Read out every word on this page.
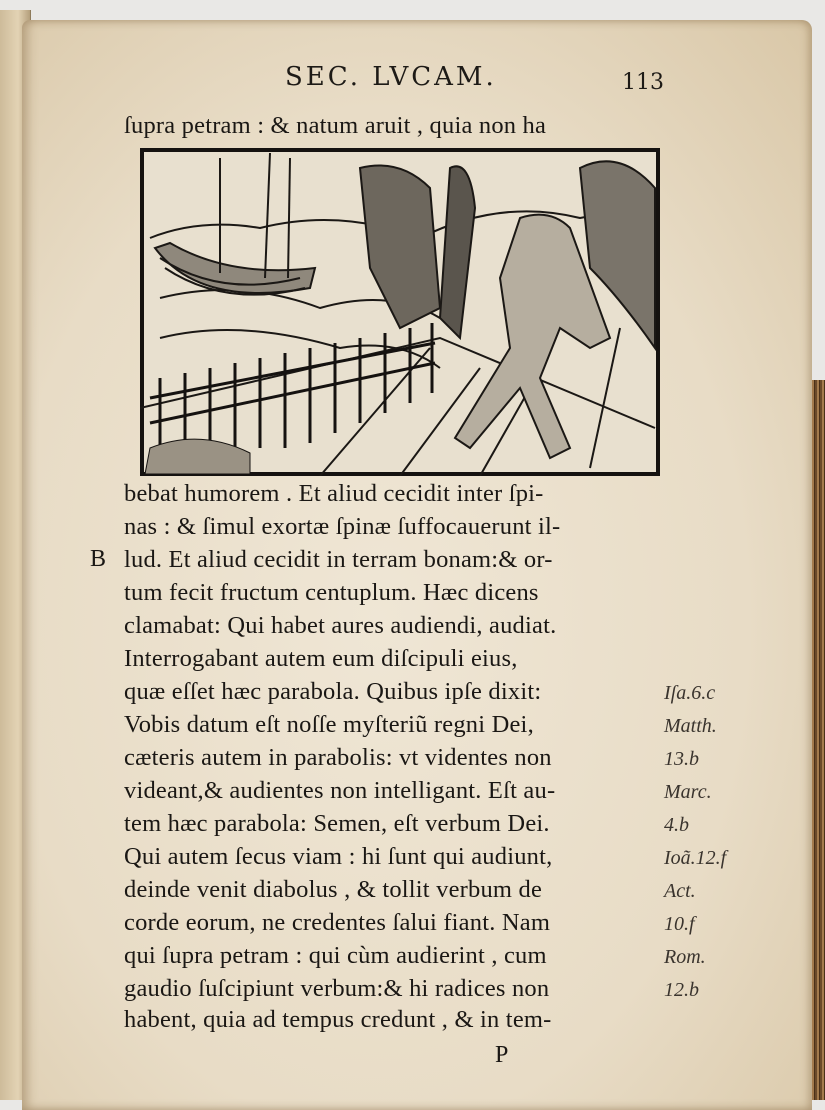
SEC. LVCAM.	113
ſupra petram : & natum aruit , quia non ha
B
bebat humorem . Et aliud cecidit inter ſpi-
nas : & ſimul exortæ ſpinæ ſuffocauerunt il-
lud. Et aliud cecidit in terram bonam:& or-
tum fecit fructum centuplum. Hæc dicens
clamabat: Qui habet aures audiendi, audiat.
Interrogabant autem eum diſcipuli eius,
quæ eſſet hæc parabola. Quibus ipſe dixit:
Vobis datum eſt noſſe myſteriũ regni Dei,
cæteris autem in parabolis: vt videntes non
videant,& audientes non intelligant. Eſt au-
tem hæc parabola: Semen, eſt verbum Dei.
Qui autem ſecus viam : hi ſunt qui audiunt,
deinde venit diabolus , & tollit verbum de
corde eorum, ne credentes ſalui fiant. Nam
qui ſupra petram : qui cùm audierint , cum
gaudio ſuſcipiunt verbum:& hi radices non
habent, quia ad tempus credunt , & in tem-
Iſa.6.c
Matth.
13.b
Marc.
4.b
Ioã.12.f
Act.
10.f
Rom.
12.b
P
